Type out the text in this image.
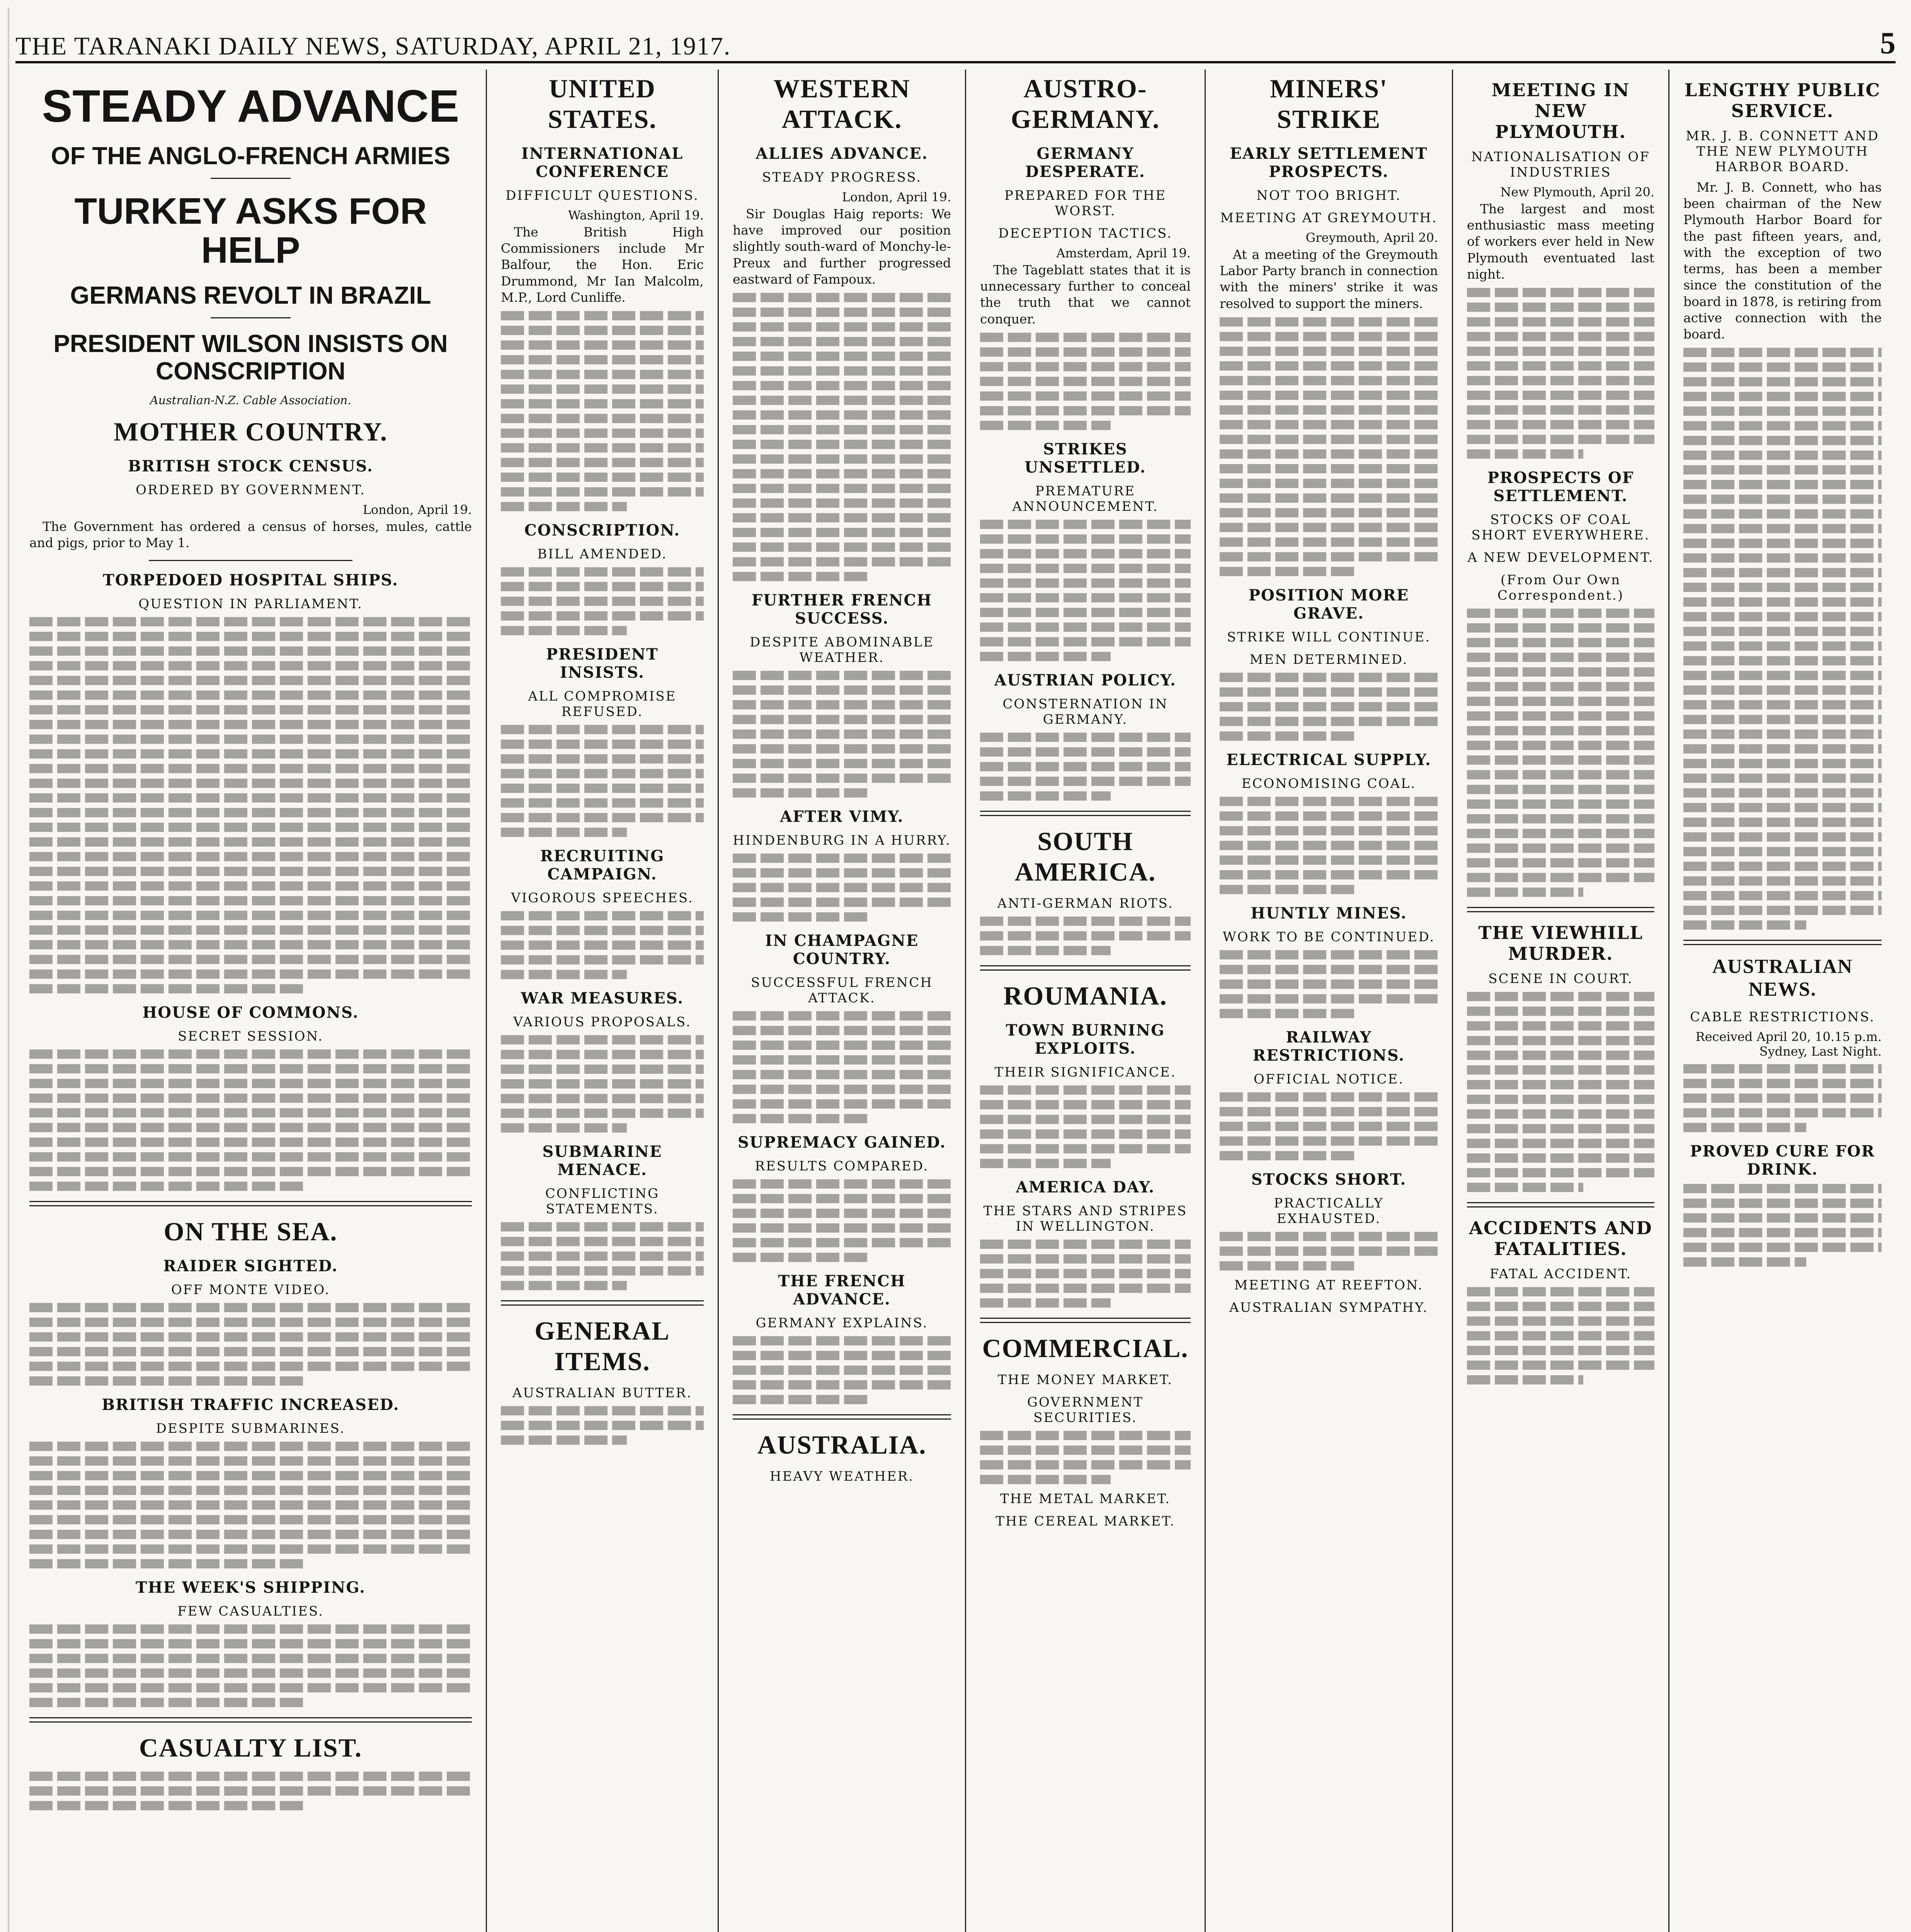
THE TARANAKI DAILY NEWS, SATURDAY, APRIL 21, 1917.	5
STEADY ADVANCE
OF THE ANGLO-FRENCH ARMIES
TURKEY ASKS FOR HELP
GERMANS REVOLT IN BRAZIL
PRESIDENT WILSON INSISTS ON CONSCRIPTION
Australian-N.Z. Cable Association.
MOTHER COUNTRY.
BRITISH STOCK CENSUS.
ORDERED BY GOVERNMENT.
London, April 19.

The Government has ordered a census of horses, mules, cattle and pigs, prior to May 1.

TORPEDOED HOSPITAL SHIPS.
QUESTION IN PARLIAMENT.
HOUSE OF COMMONS.
SECRET SESSION.
ON THE SEA.
RAIDER SIGHTED.
OFF MONTE VIDEO.
BRITISH TRAFFIC INCREASED.
DESPITE SUBMARINES.
THE WEEK'S SHIPPING.
FEW CASUALTIES.
CASUALTY LIST.
UNITED STATES.
INTERNATIONAL CONFERENCE
DIFFICULT QUESTIONS.
Washington, April 19.

The British High Commissioners include Mr Balfour, the Hon. Eric Drummond, Mr Ian Malcolm, M.P., Lord Cunliffe.

CONSCRIPTION.
BILL AMENDED.
PRESIDENT INSISTS.
ALL COMPROMISE REFUSED.
RECRUITING CAMPAIGN.
VIGOROUS SPEECHES.
WAR MEASURES.
VARIOUS PROPOSALS.
SUBMARINE MENACE.
CONFLICTING STATEMENTS.
GENERAL ITEMS.
AUSTRALIAN BUTTER.
WESTERN ATTACK.
ALLIES ADVANCE.
STEADY PROGRESS.
London, April 19.

Sir Douglas Haig reports: We have improved our position slightly south-ward of Monchy-le-Preux and further progressed eastward of Fampoux.

FURTHER FRENCH SUCCESS.
DESPITE ABOMINABLE WEATHER.
AFTER VIMY.
HINDENBURG IN A HURRY.
IN CHAMPAGNE COUNTRY.
SUCCESSFUL FRENCH ATTACK.
SUPREMACY GAINED.
RESULTS COMPARED.
THE FRENCH ADVANCE.
GERMANY EXPLAINS.
AUSTRALIA.
HEAVY WEATHER.
AUSTRO-GERMANY.
GERMANY DESPERATE.
PREPARED FOR THE WORST.
DECEPTION TACTICS.
Amsterdam, April 19.

The Tageblatt states that it is unnecessary further to conceal the truth that we cannot conquer.

STRIKES UNSETTLED.
PREMATURE ANNOUNCEMENT.
AUSTRIAN POLICY.
CONSTERNATION IN GERMANY.
SOUTH AMERICA.
ANTI-GERMAN RIOTS.
ROUMANIA.
TOWN BURNING EXPLOITS.
THEIR SIGNIFICANCE.
AMERICA DAY.
THE STARS AND STRIPES IN WELLINGTON.
COMMERCIAL.
THE MONEY MARKET.
GOVERNMENT SECURITIES.
THE METAL MARKET.
THE CEREAL MARKET.
MINERS' STRIKE
EARLY SETTLEMENT PROSPECTS.
NOT TOO BRIGHT.
MEETING AT GREYMOUTH.
Greymouth, April 20.

At a meeting of the Greymouth Labor Party branch in connection with the miners' strike it was resolved to support the miners.

POSITION MORE GRAVE.
STRIKE WILL CONTINUE.
MEN DETERMINED.
ELECTRICAL SUPPLY.
ECONOMISING COAL.
HUNTLY MINES.
WORK TO BE CONTINUED.
RAILWAY RESTRICTIONS.
OFFICIAL NOTICE.
STOCKS SHORT.
PRACTICALLY EXHAUSTED.
MEETING AT REEFTON.
AUSTRALIAN SYMPATHY.
MEETING IN NEW PLYMOUTH.
NATIONALISATION OF INDUSTRIES
New Plymouth, April 20.

The largest and most enthusiastic mass meeting of workers ever held in New Plymouth eventuated last night.

PROSPECTS OF SETTLEMENT.
STOCKS OF COAL SHORT EVERYWHERE.
A NEW DEVELOPMENT.
(From Our Own Correspondent.)
THE VIEWHILL MURDER.
SCENE IN COURT.
ACCIDENTS AND FATALITIES.
FATAL ACCIDENT.
LENGTHY PUBLIC SERVICE.
MR. J. B. CONNETT AND THE NEW PLYMOUTH HARBOR BOARD.

Mr. J. B. Connett, who has been chairman of the New Plymouth Harbor Board for the past fifteen years, and, with the exception of two terms, has been a member since the constitution of the board in 1878, is retiring from active connection with the board.

AUSTRALIAN NEWS.
CABLE RESTRICTIONS.
Received April 20, 10.15 p.m. Sydney, Last Night.
PROVED CURE FOR DRINK.
